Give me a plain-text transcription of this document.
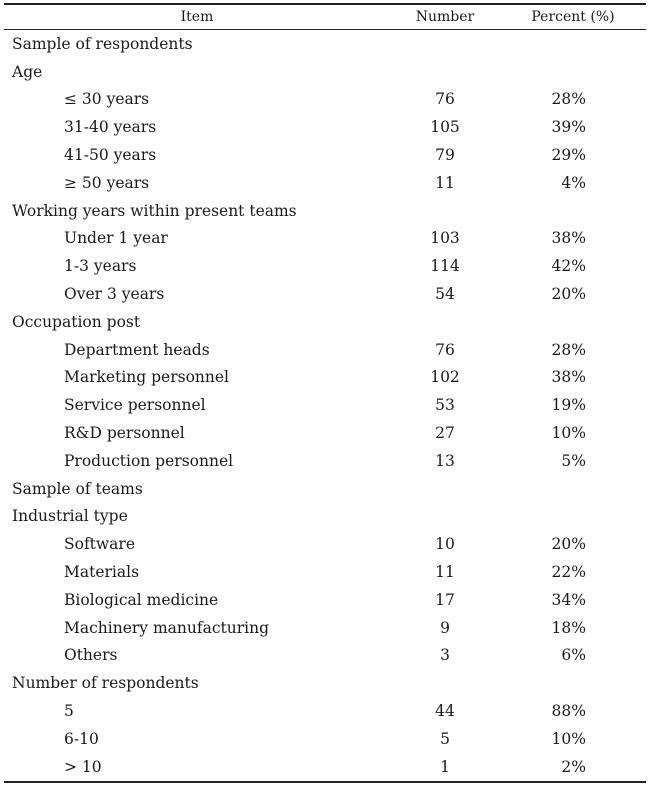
Item	Number	Percent (%)
Sample of respondents		
Age		
≤ 30 years	76	28%
31-40 years	105	39%
41-50 years	79	29%
≥ 50 years	11	4%
Working years within present teams		
Under 1 year	103	38%
1-3 years	114	42%
Over 3 years	54	20%
Occupation post		
Department heads	76	28%
Marketing personnel	102	38%
Service personnel	53	19%
R&D personnel	27	10%
Production personnel	13	5%
Sample of teams		
Industrial type		
Software	10	20%
Materials	11	22%
Biological medicine	17	34%
Machinery manufacturing	9	18%
Others	3	6%
Number of respondents		
5	44	88%
6-10	5	10%
> 10	1	2%
